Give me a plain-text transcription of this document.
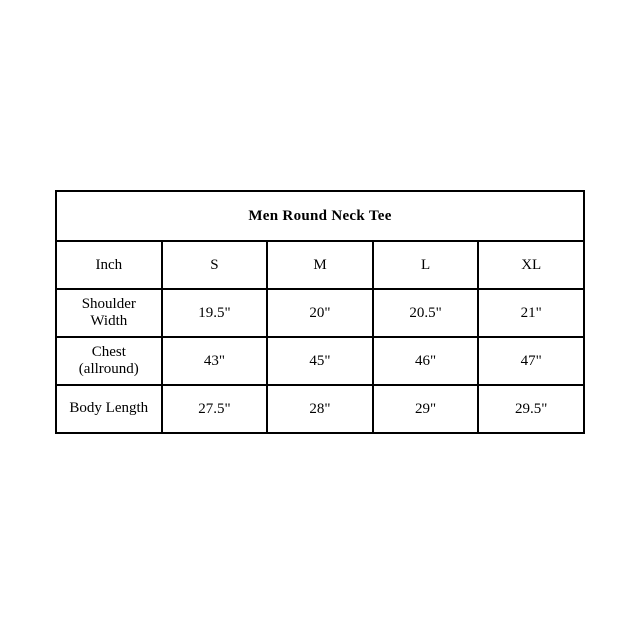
Men Round Neck Tee				
Inch	S	M	L	XL

Shoulder
Width	19.5"	20"	20.5"	21"

Chest
(allround)	43"	45"	46"	47"

Body Length	27.5"	28"	29"	29.5"
